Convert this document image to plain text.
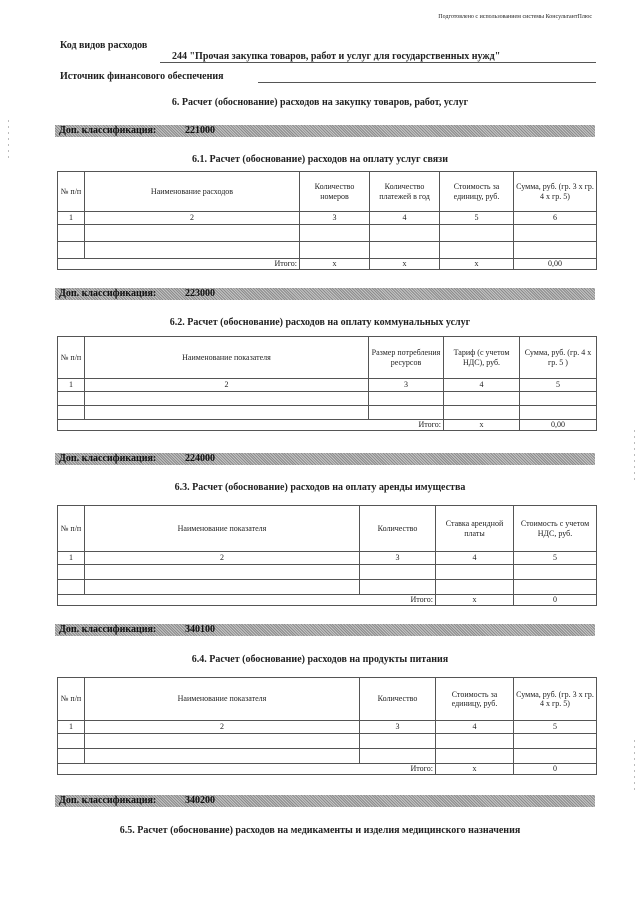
Подготовлено с использованием системы КонсультантПлюс
Код видов расходов
244 "Прочая закупка товаров, работ и услуг для государственных нужд"
Источник финансового обеспечения
6. Расчет (обоснование) расходов на закупку товаров, работ, услуг
Доп. классификация:	221000
6.1. Расчет (обоснование) расходов на оплату услуг связи
№ п/п	Наименование расходов	Количество номеров	Количество платежей в год	Стоимость за единицу, руб.	Сумма, руб. (гр. 3 х гр. 4 х гр. 5)
1	2	3	4	5	6

Итого:		х	х	х	0,00
Доп. классификация:	223000
6.2. Расчет (обоснование) расходов на оплату коммунальных услуг
№ п/п	Наименование показателя	Размер потребления ресурсов	Тариф (с учетом НДС), руб.	Сумма, руб. (гр. 4 х гр. 5 )
1	2	3	4	5

Итого:			х	0,00
Доп. классификация:	224000
6.3. Расчет (обоснование) расходов на оплату аренды имущества
№ п/п	Наименование показателя	Количество	Ставка арендной платы	Стоимость с учетом НДС, руб.
1	2	3	4	5

Итого:			х	0
Доп. классификация:	340100
6.4. Расчет (обоснование) расходов на продукты питания
№ п/п	Наименование показателя	Количество	Стоимость за единицу, руб.	Сумма, руб. (гр. 3 х гр. 4 х гр. 5)
1	2	3	4	5

Итого:			х	0
Доп. классификация:	340200
6.5. Расчет (обоснование) расходов на медикаменты и изделия медицинского назначения
